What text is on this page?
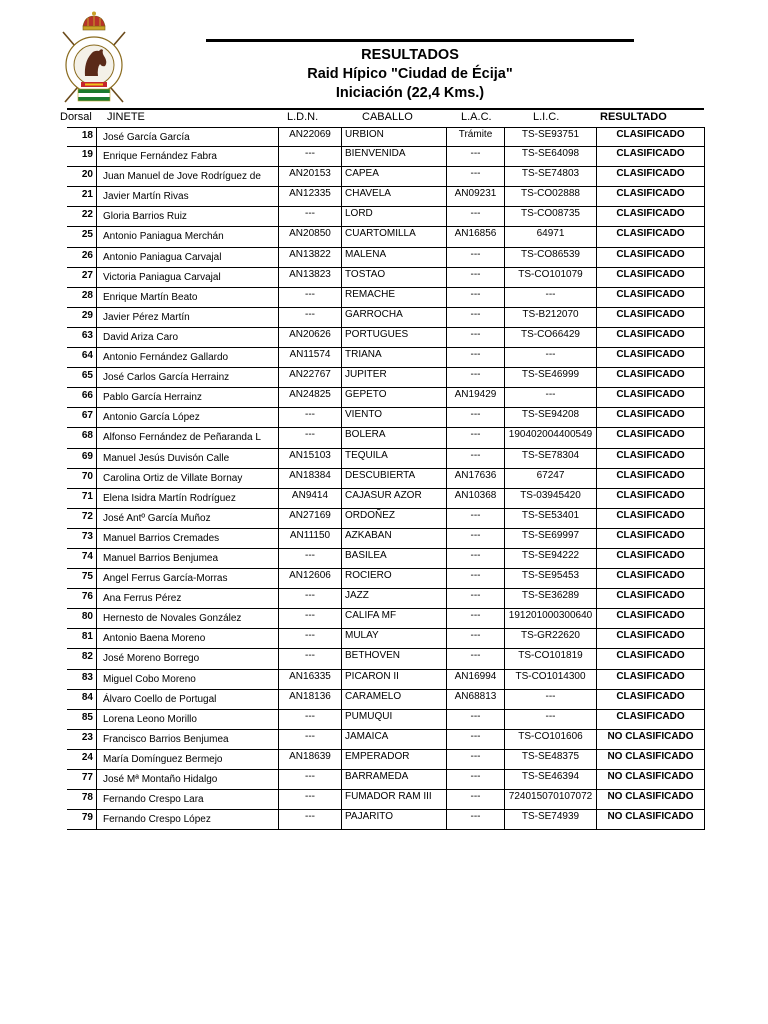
RESULTADOS
Raid Hípico "Ciudad de Écija"
Iniciación (22,4 Kms.)
Dorsal JINETE	L.D.N.	CABALLO	L.A.C.	L.I.C.	RESULTADO
18	José García García	AN22069	URBION	Trámite	TS-SE93751	CLASIFICADO
19	Enrique Fernández Fabra	---	BIENVENIDA	---	TS-SE64098	CLASIFICADO
20	Juan Manuel de Jove Rodríguez de	AN20153	CAPEA	---	TS-SE74803	CLASIFICADO
21	Javier Martín Rivas	AN12335	CHAVELA	AN09231	TS-CO02888	CLASIFICADO
22	Gloria Barrios Ruiz	---	LORD	---	TS-CO08735	CLASIFICADO
25	Antonio Paniagua Merchán	AN20850	CUARTOMILLA	AN16856	64971	CLASIFICADO
26	Antonio Paniagua Carvajal	AN13822	MALENA	---	TS-CO86539	CLASIFICADO
27	Victoria Paniagua Carvajal	AN13823	TOSTAO	---	TS-CO101079	CLASIFICADO
28	Enrique Martín Beato	---	REMACHE	---	---	CLASIFICADO
29	Javier Pérez Martín	---	GARROCHA	---	TS-B212070	CLASIFICADO
63	David Ariza Caro	AN20626	PORTUGUES	---	TS-CO66429	CLASIFICADO
64	Antonio Fernández Gallardo	AN11574	TRIANA	---	---	CLASIFICADO
65	José Carlos García Herrainz	AN22767	JUPITER	---	TS-SE46999	CLASIFICADO
66	Pablo García Herrainz	AN24825	GEPETO	AN19429	---	CLASIFICADO
67	Antonio García López	---	VIENTO	---	TS-SE94208	CLASIFICADO
68	Alfonso Fernández de Peñaranda L	---	BOLERA	---	190402004400549	CLASIFICADO
69	Manuel Jesús Duvisón Calle	AN15103	TEQUILA	---	TS-SE78304	CLASIFICADO
70	Carolina Ortiz de Villate Bornay	AN18384	DESCUBIERTA	AN17636	67247	CLASIFICADO
71	Elena Isidra Martín Rodríguez	AN9414	CAJASUR AZOR	AN10368	TS-03945420	CLASIFICADO
72	José Antº García Muñoz	AN27169	ORDOÑEZ	---	TS-SE53401	CLASIFICADO
73	Manuel Barrios Cremades	AN11150	AZKABAN	---	TS-SE69997	CLASIFICADO
74	Manuel Barrios Benjumea	---	BASILEA	---	TS-SE94222	CLASIFICADO
75	Angel Ferrus García-Morras	AN12606	ROCIERO	---	TS-SE95453	CLASIFICADO
76	Ana Ferrus Pérez	---	JAZZ	---	TS-SE36289	CLASIFICADO
80	Hernesto de Novales González	---	CALIFA MF	---	191201000300640	CLASIFICADO
81	Antonio Baena Moreno	---	MULAY	---	TS-GR22620	CLASIFICADO
82	José Moreno Borrego	---	BETHOVEN	---	TS-CO101819	CLASIFICADO
83	Miguel Cobo Moreno	AN16335	PICARON II	AN16994	TS-CO1014300	CLASIFICADO
84	Álvaro Coello de Portugal	AN18136	CARAMELO	AN68813	---	CLASIFICADO
85	Lorena Leono Morillo	---	PUMUQUI	---	---	CLASIFICADO
23	Francisco Barrios Benjumea	---	JAMAICA	---	TS-CO101606	NO CLASIFICADO
24	María Domínguez Bermejo	AN18639	EMPERADOR	---	TS-SE48375	NO CLASIFICADO
77	José Mª Montaño Hidalgo	---	BARRAMEDA	---	TS-SE46394	NO CLASIFICADO
78	Fernando Crespo Lara	---	FUMADOR RAM III	---	724015070107072	NO CLASIFICADO
79	Fernando Crespo López	---	PAJARITO	---	TS-SE74939	NO CLASIFICADO
